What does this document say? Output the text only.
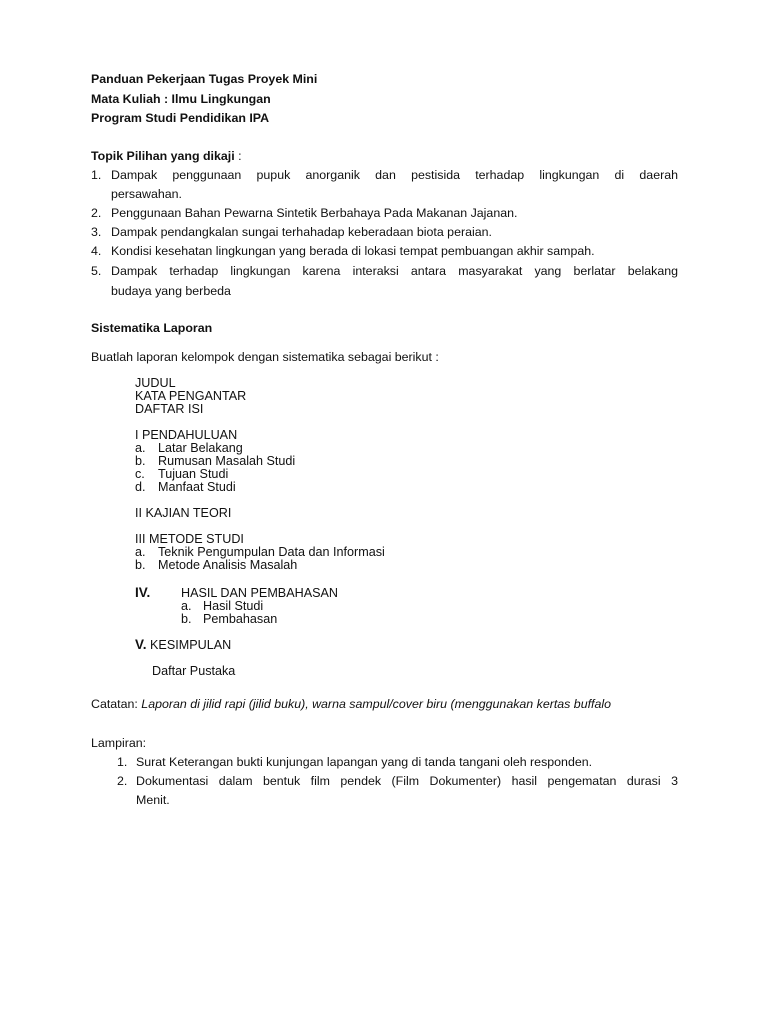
Panduan Pekerjaan Tugas Proyek Mini
Mata Kuliah : Ilmu Lingkungan
Program Studi Pendidikan IPA
Topik Pilihan yang dikaji :
1. Dampak penggunaan pupuk anorganik dan pestisida terhadap lingkungan di daerah
persawahan.
2. Penggunaan Bahan Pewarna Sintetik Berbahaya Pada Makanan Jajanan.
3. Dampak pendangkalan sungai terhahadap keberadaan biota peraian.
4. Kondisi kesehatan lingkungan yang berada di lokasi tempat pembuangan akhir sampah.
5. Dampak terhadap lingkungan karena interaksi antara masyarakat yang berlatar belakang
budaya yang berbeda
Sistematika Laporan
Buatlah laporan kelompok dengan sistematika sebagai berikut :
JUDUL
KATA PENGANTAR
DAFTAR ISI
I PENDAHULUAN
a. Latar Belakang
b. Rumusan Masalah Studi
c. Tujuan Studi
d. Manfaat Studi
II KAJIAN TEORI
III METODE STUDI
a. Teknik Pengumpulan Data dan Informasi
b. Metode Analisis Masalah
IV. HASIL DAN PEMBAHASAN
a. Hasil Studi
b. Pembahasan
V. KESIMPULAN
Daftar Pustaka
Catatan: Laporan di jilid rapi (jilid buku), warna sampul/cover biru (menggunakan kertas buffalo
Lampiran:
1. Surat Keterangan bukti kunjungan lapangan yang di tanda tangani oleh responden.
2. Dokumentasi dalam bentuk film pendek (Film Dokumenter) hasil pengematan durasi 3
Menit.
